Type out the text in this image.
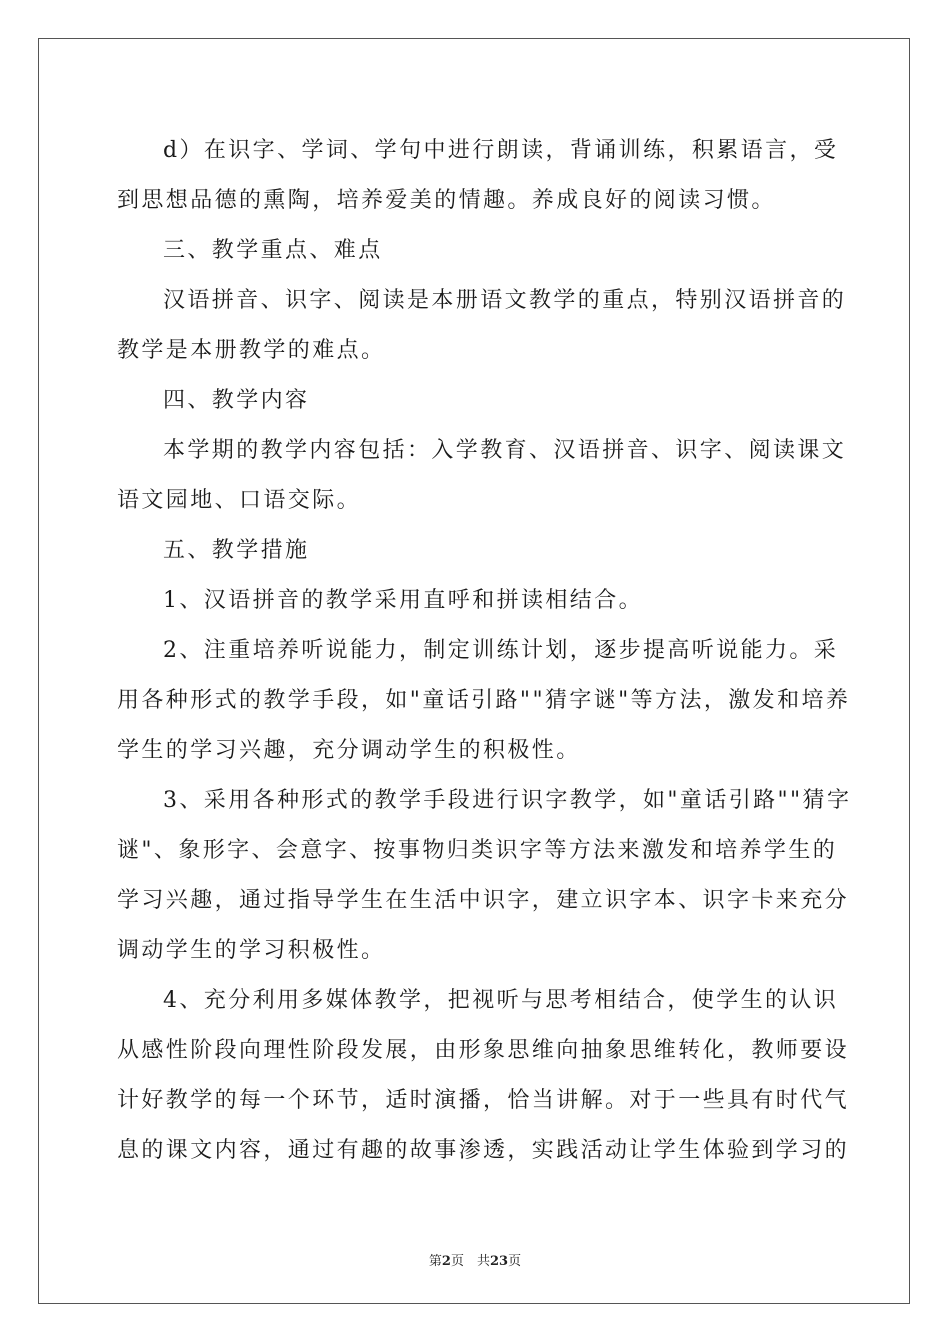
d）在识字、学词、学句中进行朗读，背诵训练，积累语言，受
到思想品德的熏陶，培养爱美的情趣。养成良好的阅读习惯。
三、教学重点、难点
汉语拼音、识字、阅读是本册语文教学的重点，特别汉语拼音的
教学是本册教学的难点。
四、教学内容
本学期的教学内容包括：入学教育、汉语拼音、识字、阅读课文
语文园地、口语交际。
五、教学措施
1、汉语拼音的教学采用直呼和拼读相结合。
2、注重培养听说能力，制定训练计划，逐步提高听说能力。采
用各种形式的教学手段，如"童话引路""猜字谜"等方法，激发和培养
学生的学习兴趣，充分调动学生的积极性。
3、采用各种形式的教学手段进行识字教学，如"童话引路""猜字
谜"、象形字、会意字、按事物归类识字等方法来激发和培养学生的
学习兴趣，通过指导学生在生活中识字，建立识字本、识字卡来充分
调动学生的学习积极性。
4、充分利用多媒体教学，把视听与思考相结合，使学生的认识
从感性阶段向理性阶段发展，由形象思维向抽象思维转化，教师要设
计好教学的每一个环节，适时演播，恰当讲解。对于一些具有时代气
息的课文内容，通过有趣的故事渗透，实践活动让学生体验到学习的
第2页　共23页
